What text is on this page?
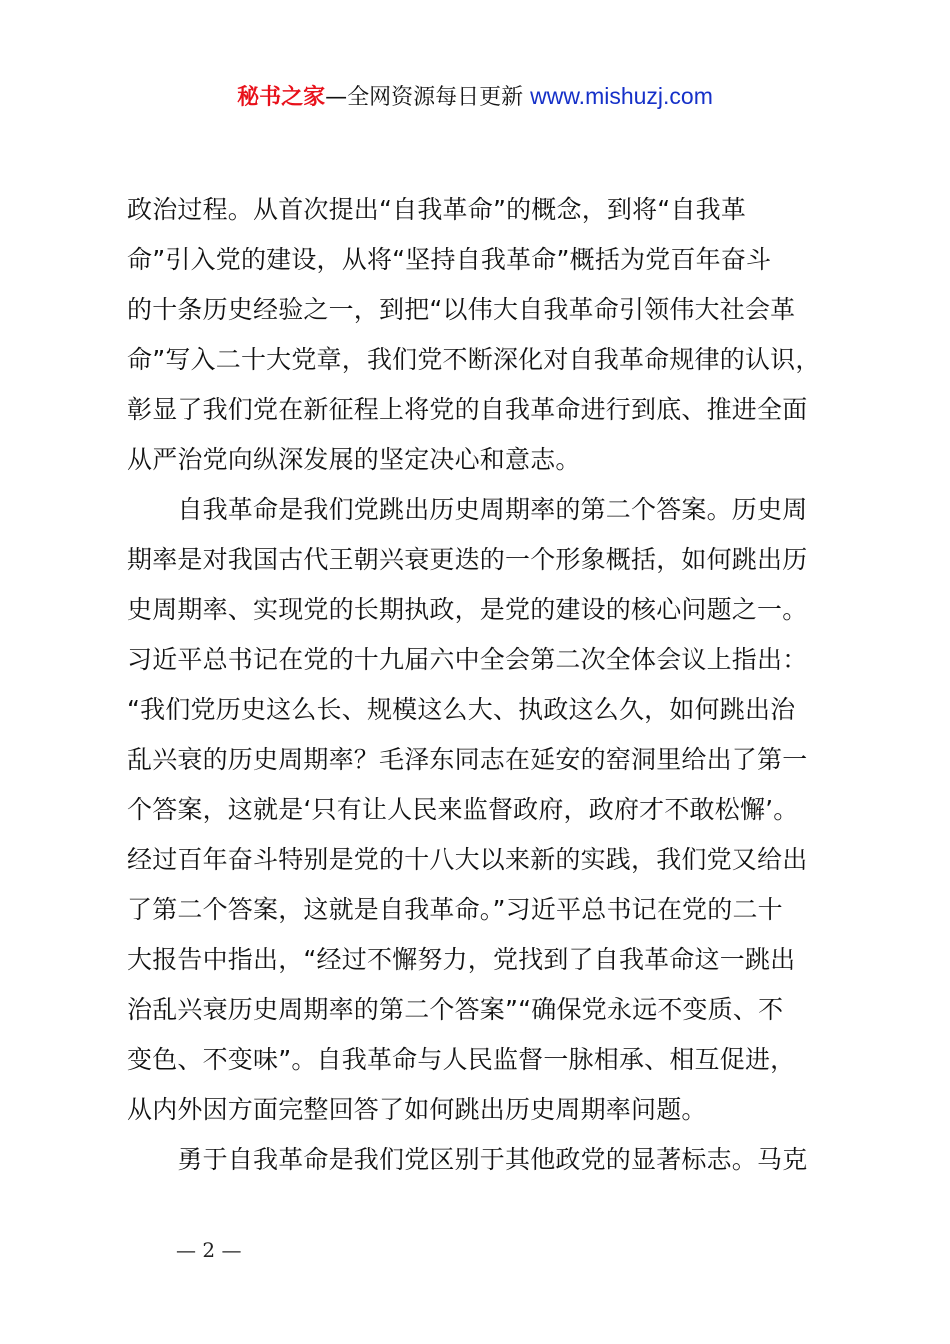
秘书之家—全网资源每日更新 www.mishuzj.com
政治过程。从首次提出“自我革命”的概念，到将“自我革
命”引入党的建设，从将“坚持自我革命”概括为党百年奋斗
的十条历史经验之一，到把“以伟大自我革命引领伟大社会革
命”写入二十大党章，我们党不断深化对自我革命规律的认识，
彰显了我们党在新征程上将党的自我革命进行到底、推进全面
从严治党向纵深发展的坚定决心和意志。
　　自我革命是我们党跳出历史周期率的第二个答案。历史周
期率是对我国古代王朝兴衰更迭的一个形象概括，如何跳出历
史周期率、实现党的长期执政，是党的建设的核心问题之一。
习近平总书记在党的十九届六中全会第二次全体会议上指出：
“我们党历史这么长、规模这么大、执政这么久，如何跳出治
乱兴衰的历史周期率？毛泽东同志在延安的窑洞里给出了第一
个答案，这就是‘只有让人民来监督政府，政府才不敢松懈’。
经过百年奋斗特别是党的十八大以来新的实践，我们党又给出
了第二个答案，这就是自我革命。”习近平总书记在党的二十
大报告中指出，“经过不懈努力，党找到了自我革命这一跳出
治乱兴衰历史周期率的第二个答案”“确保党永远不变质、不
变色、不变味”。自我革命与人民监督一脉相承、相互促进，
从内外因方面完整回答了如何跳出历史周期率问题。
　　勇于自我革命是我们党区别于其他政党的显著标志。马克
— 2 —
